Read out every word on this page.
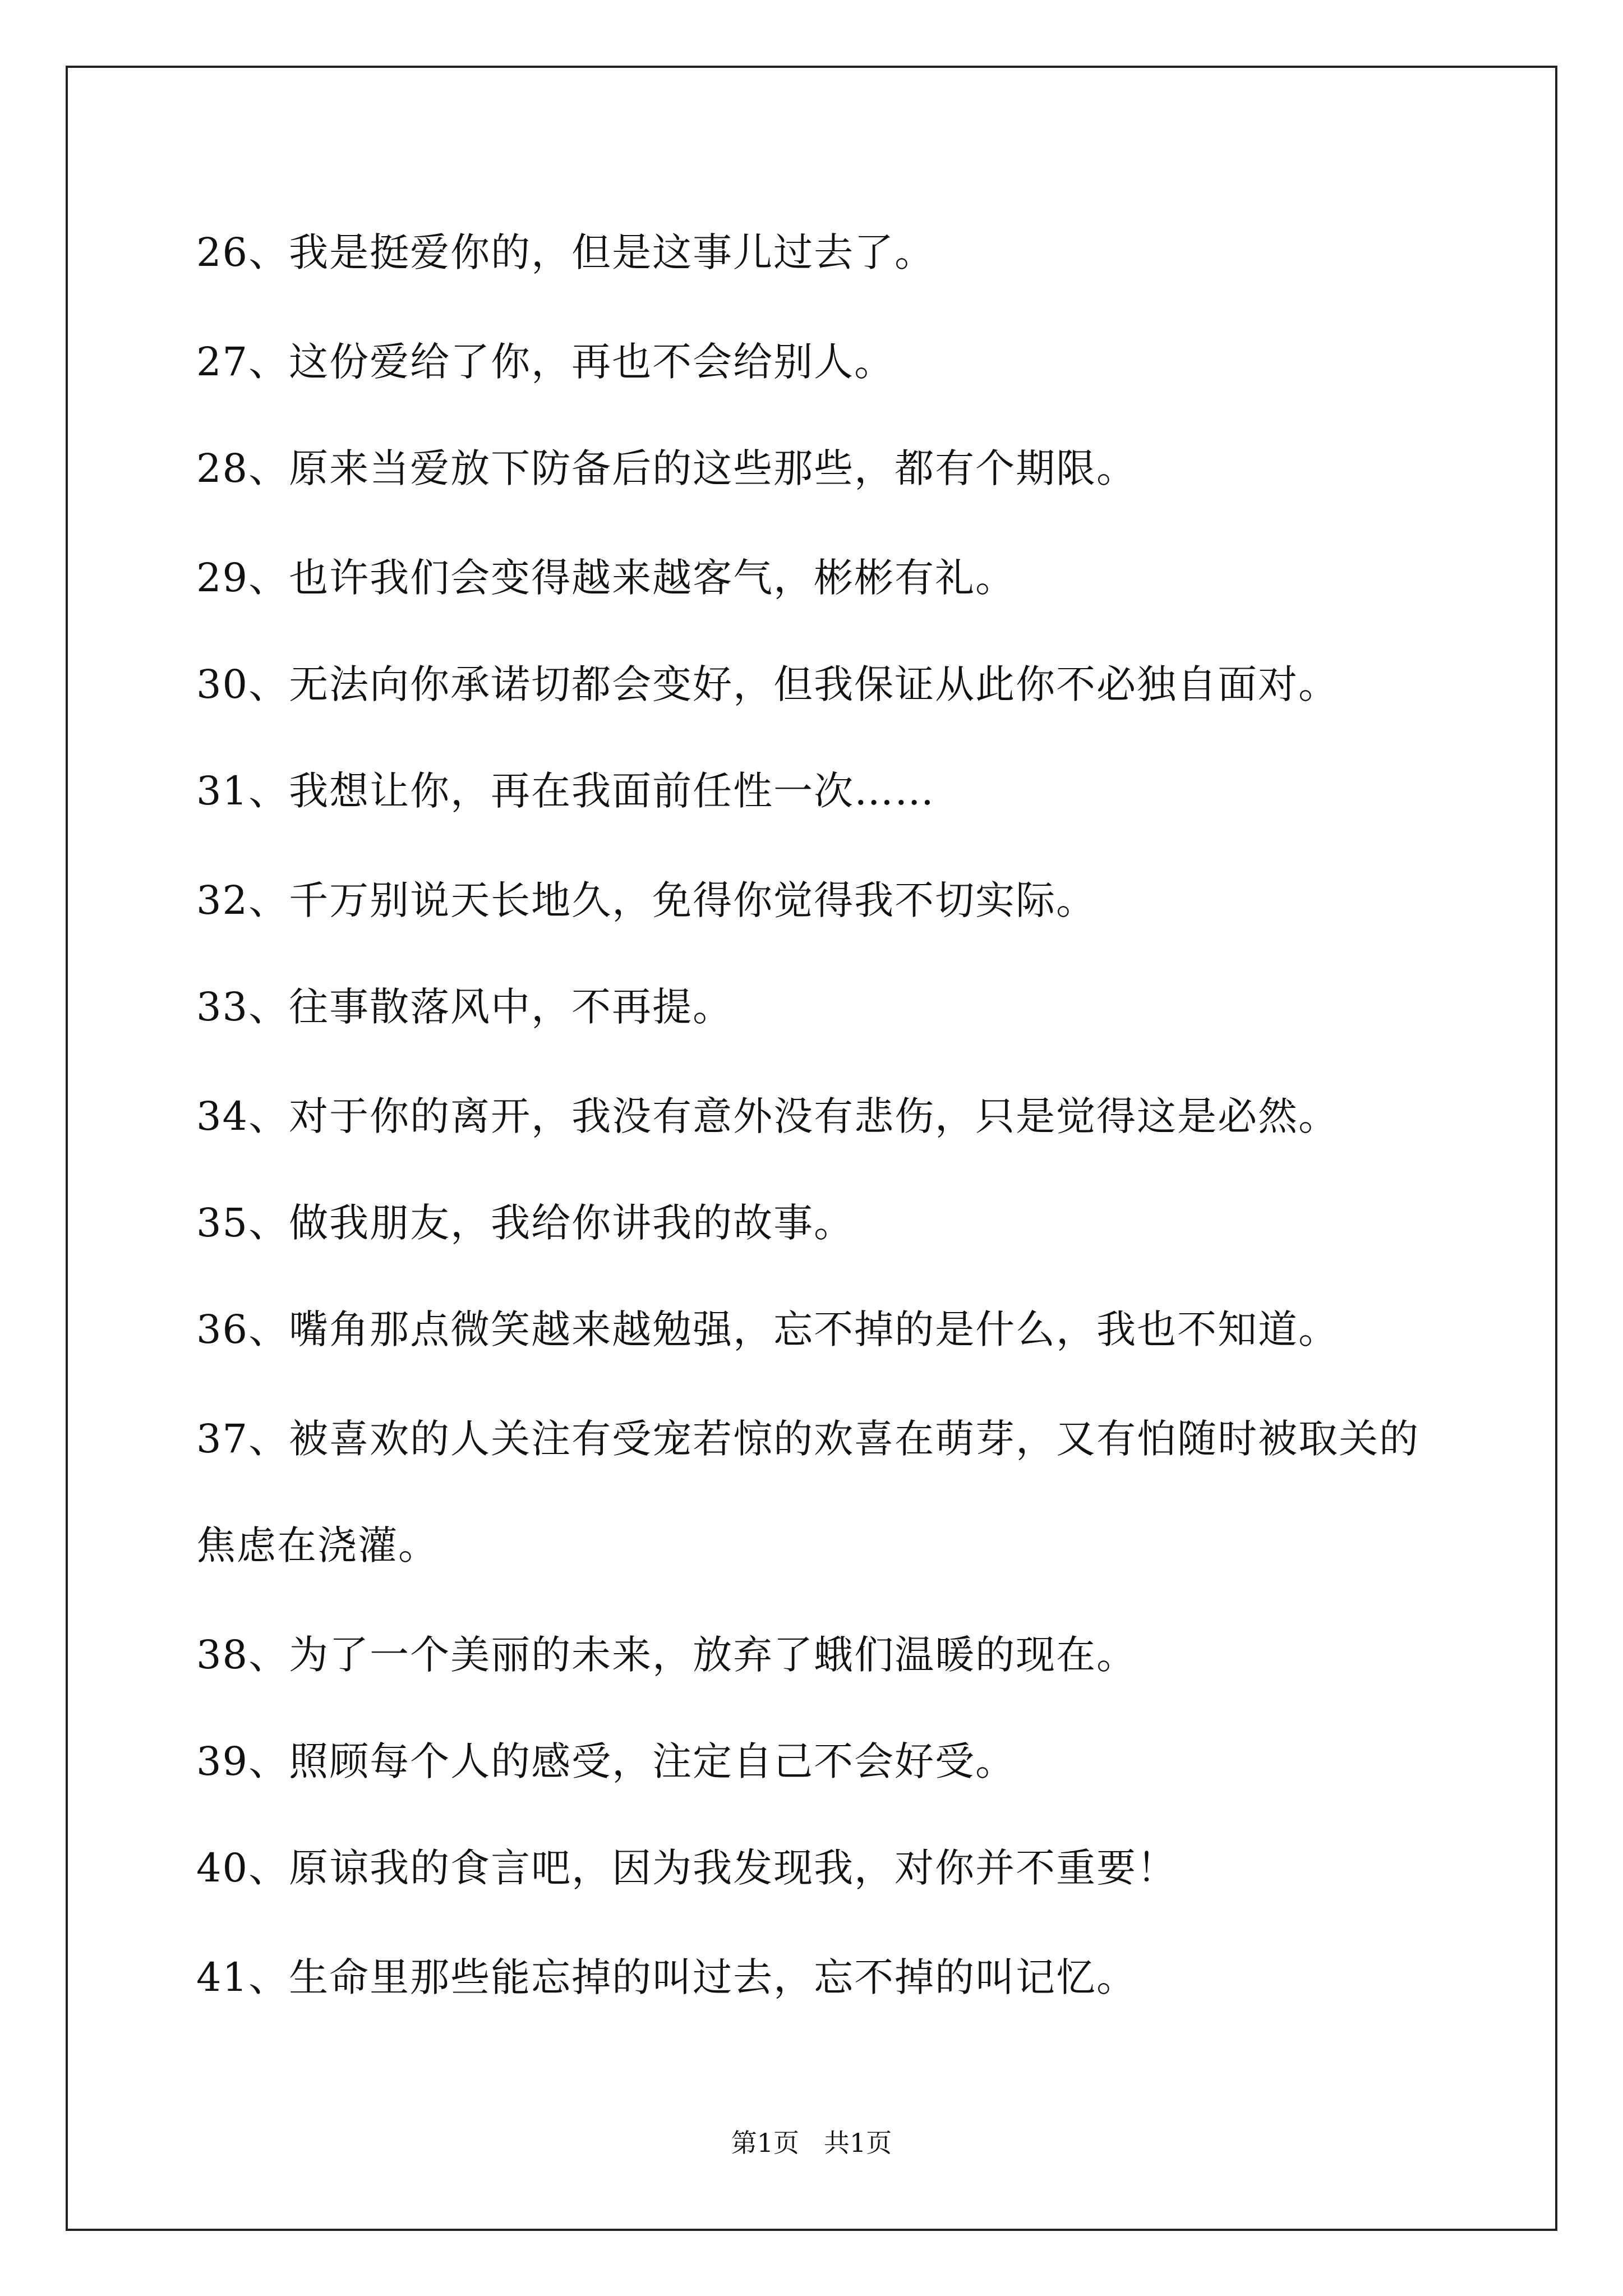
26、我是挺爱你的，但是这事儿过去了。
27、这份爱给了你，再也不会给别人。
28、原来当爱放下防备后的这些那些，都有个期限。
29、也许我们会变得越来越客气，彬彬有礼。
30、无法向你承诺切都会变好，但我保证从此你不必独自面对。
31、我想让你，再在我面前任性一次……
32、千万别说天长地久，免得你觉得我不切实际。
33、往事散落风中，不再提。
34、对于你的离开，我没有意外没有悲伤，只是觉得这是必然。
35、做我朋友，我给你讲我的故事。
36、嘴角那点微笑越来越勉强，忘不掉的是什么，我也不知道。
37、被喜欢的人关注有受宠若惊的欢喜在萌芽，又有怕随时被取关的
焦虑在浇灌。
38、为了一个美丽的未来，放弃了蛾们温暖的现在。
39、照顾每个人的感受，注定自己不会好受。
40、原谅我的食言吧，因为我发现我，对你并不重要！
41、生命里那些能忘掉的叫过去，忘不掉的叫记忆。
第1页 共1页
